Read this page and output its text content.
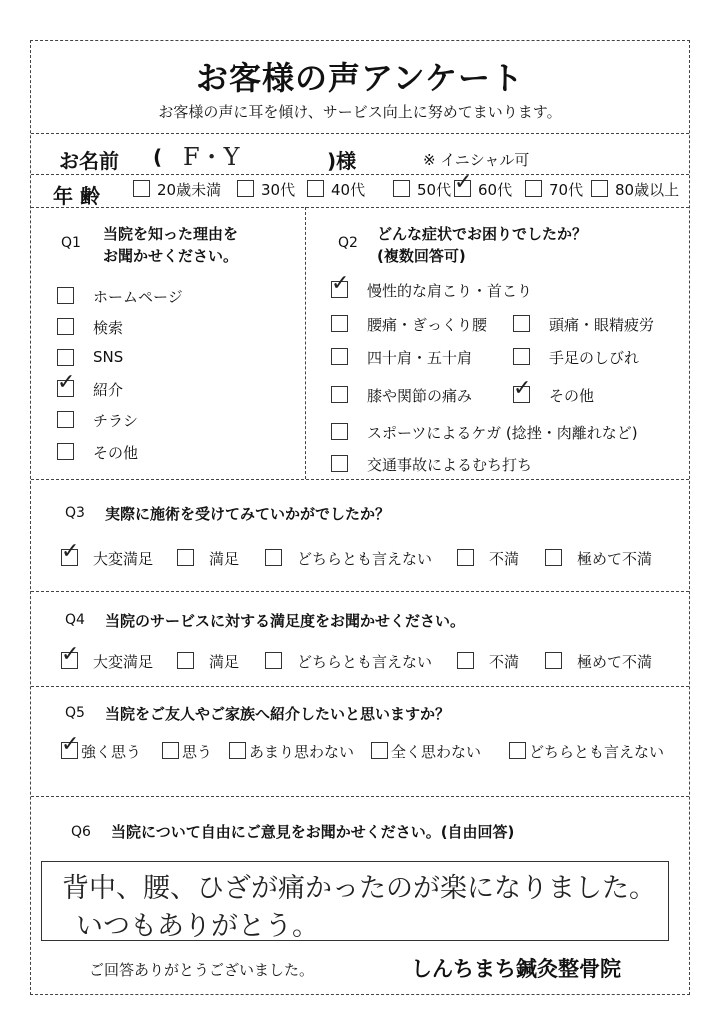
お客様の声アンケート
お客様の声に耳を傾け、サービス向上に努めてまいります。
お名前 ( F・Y	)様	※ イニシャル可
年 齢	20歳未満	30代 40代	50代 ✓ 60代 70代 80歳以上
Q1 当院を知った理由を
お聞かせください。
ホームページ
検索
SNS
✓ 紹介
チラシ
その他
Q2 どんな症状でお困りでしたか？
(複数回答可)
✓ 慢性的な肩こり・首こり
腰痛・ぎっくり腰	頭痛・眼精疲労
四十肩・五十肩	手足のしびれ
膝や関節の痛み ✓ その他
スポーツによるケガ (捻挫・肉離れなど)
交通事故によるむち打ち
Q3 実際に施術を受けてみていかがでしたか？
✓ 大変満足	満足	どちらとも言えない	不満	極めて不満
Q4 当院のサービスに対する満足度をお聞かせください。
✓ 大変満足	満足	どちらとも言えない	不満	極めて不満
Q5 当院をご友人やご家族へ紹介したいと思いますか？
✓ 強く思う	思う あまり思わない 全く思わない	どちらとも言えない
Q6 当院について自由にご意見をお聞かせください。(自由回答)
背中、腰、ひざが痛かったのが楽になりました。
いつもありがとう。
ご回答ありがとうございました。	しんちまち鍼灸整骨院
